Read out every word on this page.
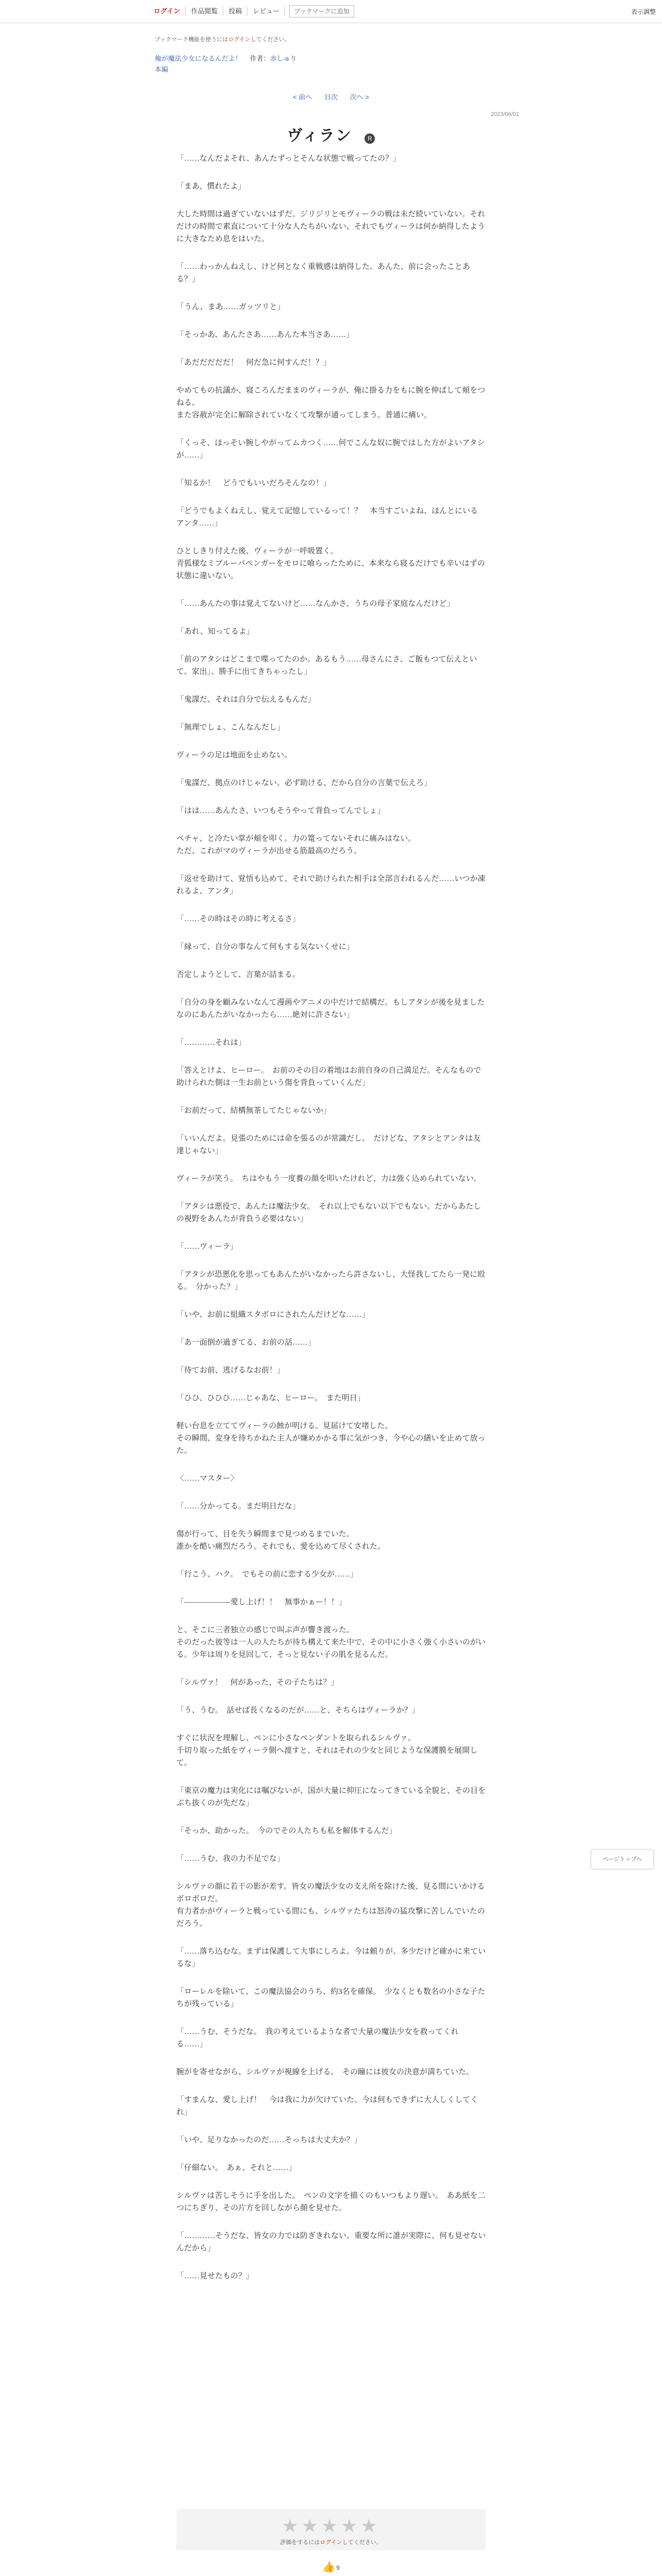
ログイン	作品閲覧	投稿	レビュー	ブックマークに追加	表示調整
ブックマーク機能を使うにはログインしてください。
俺が魔法少女になるんだよ！ 作者：赤しゅり
本編
< 前へ 目次 次へ >
2023/06/01
ヴィラン	R

「……なんだよそれ、あんたずっとそんな状態で戦ってたの？」

「まあ、慣れたよ」

大した時間は過ぎていないはずだ。ジリジリとモヴィーラの戦は未だ続いていない。それだけの時間で素直について十分な人たちがいない、それでもヴィーラは何か納得したように大きなため息をはいた。

「……わっかんねえし、けど何となく重戦感は納得した。あんた、前に会ったことある？」

「うん、まあ……ガッツリと」

「そっかあ、あんたさあ……あんた本当さあ……」

「あだだだだだ！　何だ急に何すんだ！？」

やめてもの抗議か、寝ころんだままのヴィーラが、俺に掛る力をもに腕を伸ばして頬をつねる。
また容赦が完全に解除されていなくて攻撃が通ってしまう。普通に痛い。

「くっそ、ほっそい腕しやがってムカつく……何でこんな奴に腕ではした方がよいアタシが……」

「知るか！　どうでもいいだろそんなの！」

「どうでもよくねえし、覚えて記憶しているって！？　本当すごいよね、ほんとにいるアンタ……」

ひとしきり付えた後、ヴィーラが一呼吸置く。
青狐様なミブルーパペンガーをモロに喰らったために、本来なら寝るだけでも辛いはずの状態に違いない。

「……あんたの事は覚えてないけど……なんかさ、うちの母子家庭なんだけど」

「あれ、知ってるよ」

「前のアタシはどこまで喋ってたのか。あるもう……母さんにさ、ご飯もつて伝えといて。家出」、勝手に出てきちゃったし」

「鬼謀だ、それは自分で伝えるもんだ」

「無理でしょ、こんなんだし」

ヴィーラの足は地面を止めない。

「鬼謀だ、拠点のけじゃない。必ず助ける、だから自分の言葉で伝えろ」

「はは……あんたさ、いつもそうやって背負ってんでしょ」

ペチャ、と冷たい掌が頬を叩く。力の篭ってないそれに痛みはない。
ただ、これがマのヴィーラが出せる筋最高のだろう。

「返せを助けて、覚悟も込めて、それで助けられた相手は全部言われるんだ……いつか凍れるよ、アンタ」

「……その時はその時に考えるさ」

「縁って、自分の事なんて何もする気ないくせに」

否定しようとして、言葉が詰まる。

「自分の身を顧みないなんて漫画やアニメの中だけで結構だ。もしアタシが後を見ましたなのにあんたがいなかったら……絶対に許さない」

「…………それは」

「答えとけよ、ヒーロー。　お前のその目の着地はお前自身の自己満足だ。そんなもので助けられた側は一生お前という傷を背負っていくんだ」

「お前だって、結構無茶してたじゃないか」

「いいんだよ。見張のためには命を張るのが常識だし。　だけどな、アタシとアンタは友達じゃない」

ヴィーラが笑う。　ちはやもう一度養の顔を叩いたけれど、力は強く込められていない。

「アタシは悪役で、あんたは魔法少女。　それ以上でもない以下でもない。だからあたしの視野をあんたが背負う必要はない」

「……ヴィーラ」

「アタシが恐悪化を思ってもあんたがいなかったら許さないし、大怪我してたら一発に殴る。　分かった？」

「いや、お前に組織スタボロにされたんだけどな……」

「あ一面倒が過ぎてる、お前の話……」

「待てお前、逃げるなお前！」

「ひひ、ひひひ……じゃあな、ヒーロー。　また明日」

軽い台息を立ててヴィーラの蝕が明ける。見届けて安堵した。
その瞬間、変身を待ちかねた主人が嫌めかかる事に気がつき、今や心の繕いを止めて放った。

〈……マスター〉

「……分かってる。まだ明日だな」

傷が行って、目を失う瞬間まで見つめるまでいた。
誰かを酷い痛烈だろう。それでも、愛を込めて尽くされた。

「行こう、ハク。　でもその前に恋する少女が……」

「――――――愛し上げ！！　無事かぁー！！」

と、そこに三者独立の感じで叫ぶ声が響き渡った。
そのだった彼等は一人の人たちが待ち構えて来た中で、その中に小さく強く小さいのがいる。少年は周りを見回して、そっと見ない子の肌を見るんだ。

「シルヴァ！　何があった、その子たちは？」

「う、うむ。　話せば長くなるのだが……と、そちらはヴィーラか？」

すぐに状況を理解し、ペンに小さなペンダントを取られるシルヴァ。
千切り取った紙をヴィーラ側へ渡すと、それはそれの少女と同じような保護膜を展開して。

「東京の魔力は実化には嘱びないが、国が大量に抑圧になってきている全貌と、その目をぶち抜くのが先だな」

「そっか、助かった。　今のでその人たちも私を解体するんだ」

「……うむ、我の力不足でな」

シルヴァの顔に若干の影が差す。皆女の魔法少女の支え所を除けた後、見る間にいかけるボロボロだ。
有力者かがヴィーラと戦っている間にも、シルヴァたちは怒涛の猛攻撃に苦しんでいたのだろう。

「……落ち込むな。まずは保護して大事にしろよ。今は頼りが、多少だけど確かに来ているな」

「ローレルを除いて、この魔法協会のうち、約3名を確保。　少なくとも数名の小さな子たちが残っている」

「……うむ、そうだな。　我の考えているような者で大量の魔法少女を救ってくれる……」

腕がを寄せながら、シルヴァが視線を上げる。　その瞳には彼女の決意が満ちていた。

「すまんな、愛し上げ！　今は我に力が欠けていた。今は何もできずに大人しくしてくれ」

「いや、足りなかったのだ……そっちは大丈夫か？」

「仔細ない。　あぁ、それと……」

シルヴァは苦しそうに手を出した。　ペンの文字を描くのもいつもより遅い。　ああ紙を二つにちぎり、その片方を回しながら顔を見せた。

「…………そうだな、皆女の力では防ぎきれない。重要な所に誰が実際に、何も見せないんだから」

「……見せたもの？」

ページトップへ
★★★★★
評価をするにはログインしてください。
👍 9
